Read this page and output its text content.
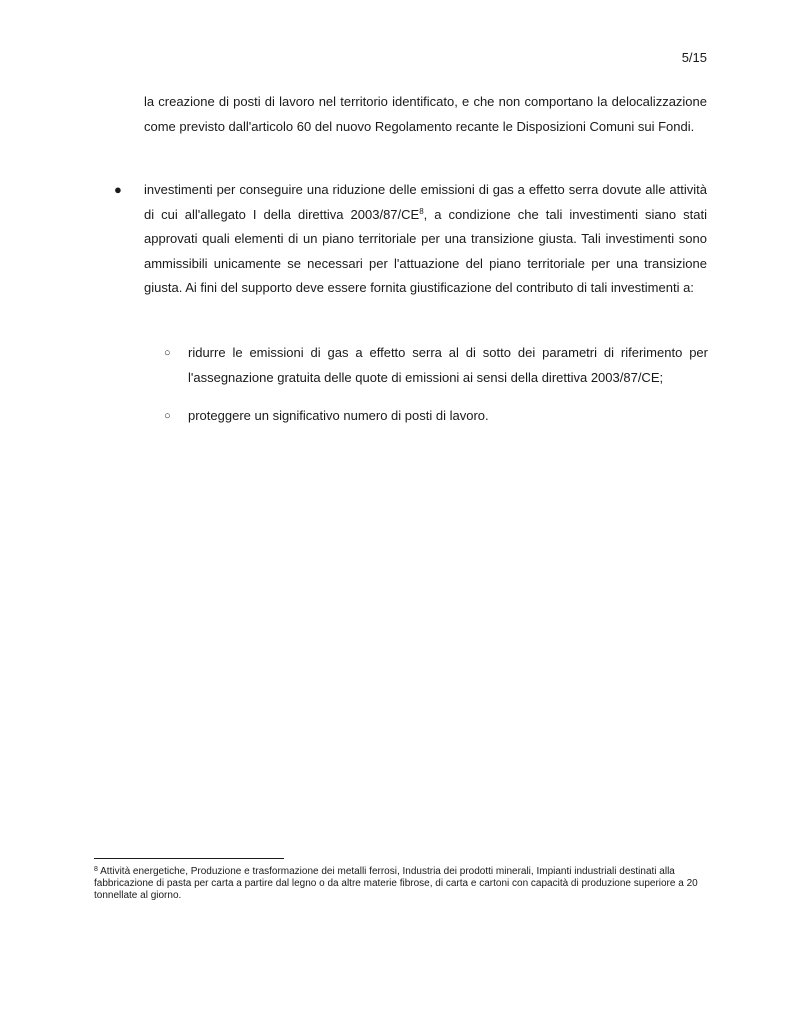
5/15
la creazione di posti di lavoro nel territorio identificato, e che non comportano la delocalizzazione come previsto dall'articolo 60 del nuovo Regolamento recante le Disposizioni Comuni sui Fondi.
● investimenti per conseguire una riduzione delle emissioni di gas a effetto serra dovute alle attività di cui all'allegato I della direttiva $2003/87/CE^8$, a condizione che tali investimenti siano stati approvati quali elementi di un piano territoriale per una transizione giusta. Tali investimenti sono ammissibili unicamente se necessari per l'attuazione del piano territoriale per una transizione giusta. Ai fini del supporto deve essere fornita giustificazione del contributo di tali investimenti a:
○ ridurre le emissioni di gas a effetto serra al di sotto dei parametri di riferimento per l'assegnazione gratuita delle quote di emissioni ai sensi della direttiva 2003/87/CE;
○ proteggere un significativo numero di posti di lavoro.
$^8$ Attività energetiche, Produzione e trasformazione dei metalli ferrosi, Industria dei prodotti minerali, Impianti industriali destinati alla fabbricazione di pasta per carta a partire dal legno o da altre materie fibrose, di carta e cartoni con capacità di produzione superiore a 20 tonnellate al giorno.
